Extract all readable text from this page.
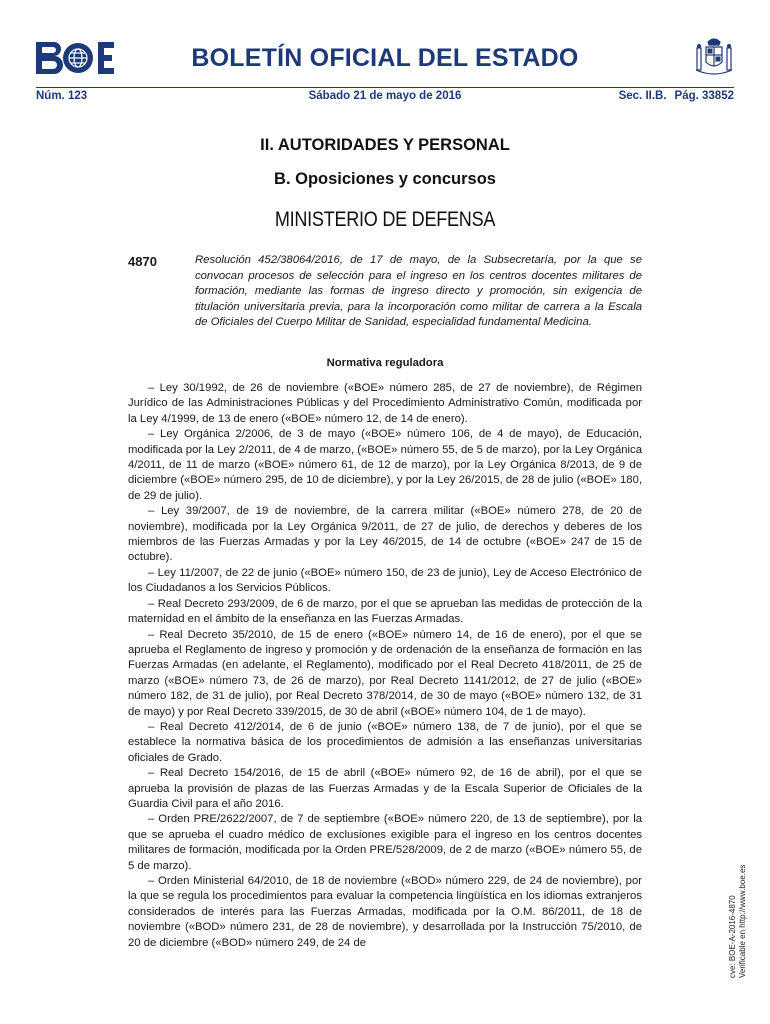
BOLETÍN OFICIAL DEL ESTADO
Núm. 123	Sábado 21 de mayo de 2016	Sec. II.B. Pág. 33852
II. AUTORIDADES Y PERSONAL
B. Oposiciones y concursos
MINISTERIO DE DEFENSA
4870	Resolución 452/38064/2016, de 17 de mayo, de la Subsecretaría, por la que se convocan procesos de selección para el ingreso en los centros docentes militares de formación, mediante las formas de ingreso directo y promoción, sin exigencia de titulación universitaria previa, para la incorporación como militar de carrera a la Escala de Oficiales del Cuerpo Militar de Sanidad, especialidad fundamental Medicina.
Normativa reguladora

– Ley 30/1992, de 26 de noviembre («BOE» número 285, de 27 de noviembre), de Régimen Jurídico de las Administraciones Públicas y del Procedimiento Administrativo Común, modificada por la Ley 4/1999, de 13 de enero («BOE» número 12, de 14 de enero).

– Ley Orgánica 2/2006, de 3 de mayo («BOE» número 106, de 4 de mayo), de Educación, modificada por la Ley 2/2011, de 4 de marzo, («BOE» número 55, de 5 de marzo), por la Ley Orgánica 4/2011, de 11 de marzo («BOE» número 61, de 12 de marzo), por la Ley Orgánica 8/2013, de 9 de diciembre («BOE» número 295, de 10 de diciembre), y por la Ley 26/2015, de 28 de julio («BOE» 180, de 29 de julio).

– Ley 39/2007, de 19 de noviembre, de la carrera militar («BOE» número 278, de 20 de noviembre), modificada por la Ley Orgánica 9/2011, de 27 de julio, de derechos y deberes de los miembros de las Fuerzas Armadas y por la Ley 46/2015, de 14 de octubre («BOE» 247 de 15 de octubre).

– Ley 11/2007, de 22 de junio («BOE» número 150, de 23 de junio), Ley de Acceso Electrónico de los Ciudadanos a los Servicios Públicos.

– Real Decreto 293/2009, de 6 de marzo, por el que se aprueban las medidas de protección de la maternidad en el ámbito de la enseñanza en las Fuerzas Armadas.

– Real Decreto 35/2010, de 15 de enero («BOE» número 14, de 16 de enero), por el que se aprueba el Reglamento de ingreso y promoción y de ordenación de la enseñanza de formación en las Fuerzas Armadas (en adelante, el Reglamento), modificado por el Real Decreto 418/2011, de 25 de marzo («BOE» número 73, de 26 de marzo), por Real Decreto 1141/2012, de 27 de julio («BOE» número 182, de 31 de julio), por Real Decreto 378/2014, de 30 de mayo («BOE» número 132, de 31 de mayo) y por Real Decreto 339/2015, de 30 de abril («BOE» número 104, de 1 de mayo).

– Real Decreto 412/2014, de 6 de junio («BOE» número 138, de 7 de junio), por el que se establece la normativa básica de los procedimientos de admisión a las enseñanzas universitarias oficiales de Grado.

– Real Decreto 154/2016, de 15 de abril («BOE» número 92, de 16 de abril), por el que se aprueba la provisión de plazas de las Fuerzas Armadas y de la Escala Superior de Oficiales de la Guardia Civil para el año 2016.

– Orden PRE/2622/2007, de 7 de septiembre («BOE» número 220, de 13 de septiembre), por la que se aprueba el cuadro médico de exclusiones exigible para el ingreso en los centros docentes militares de formación, modificada por la Orden PRE/528/2009, de 2 de marzo («BOE» número 55, de 5 de marzo).

– Orden Ministerial 64/2010, de 18 de noviembre («BOD» número 229, de 24 de noviembre), por la que se regula los procedimientos para evaluar la competencia lingüística en los idiomas extranjeros considerados de interés para las Fuerzas Armadas, modificada por la O.M. 86/2011, de 18 de noviembre («BOD» número 231, de 28 de noviembre), y desarrollada por la Instrucción 75/2010, de 20 de diciembre («BOD» número 249, de 24 de	cve: BOE-A-2016-4870 Verificable en http://www.boe.es
